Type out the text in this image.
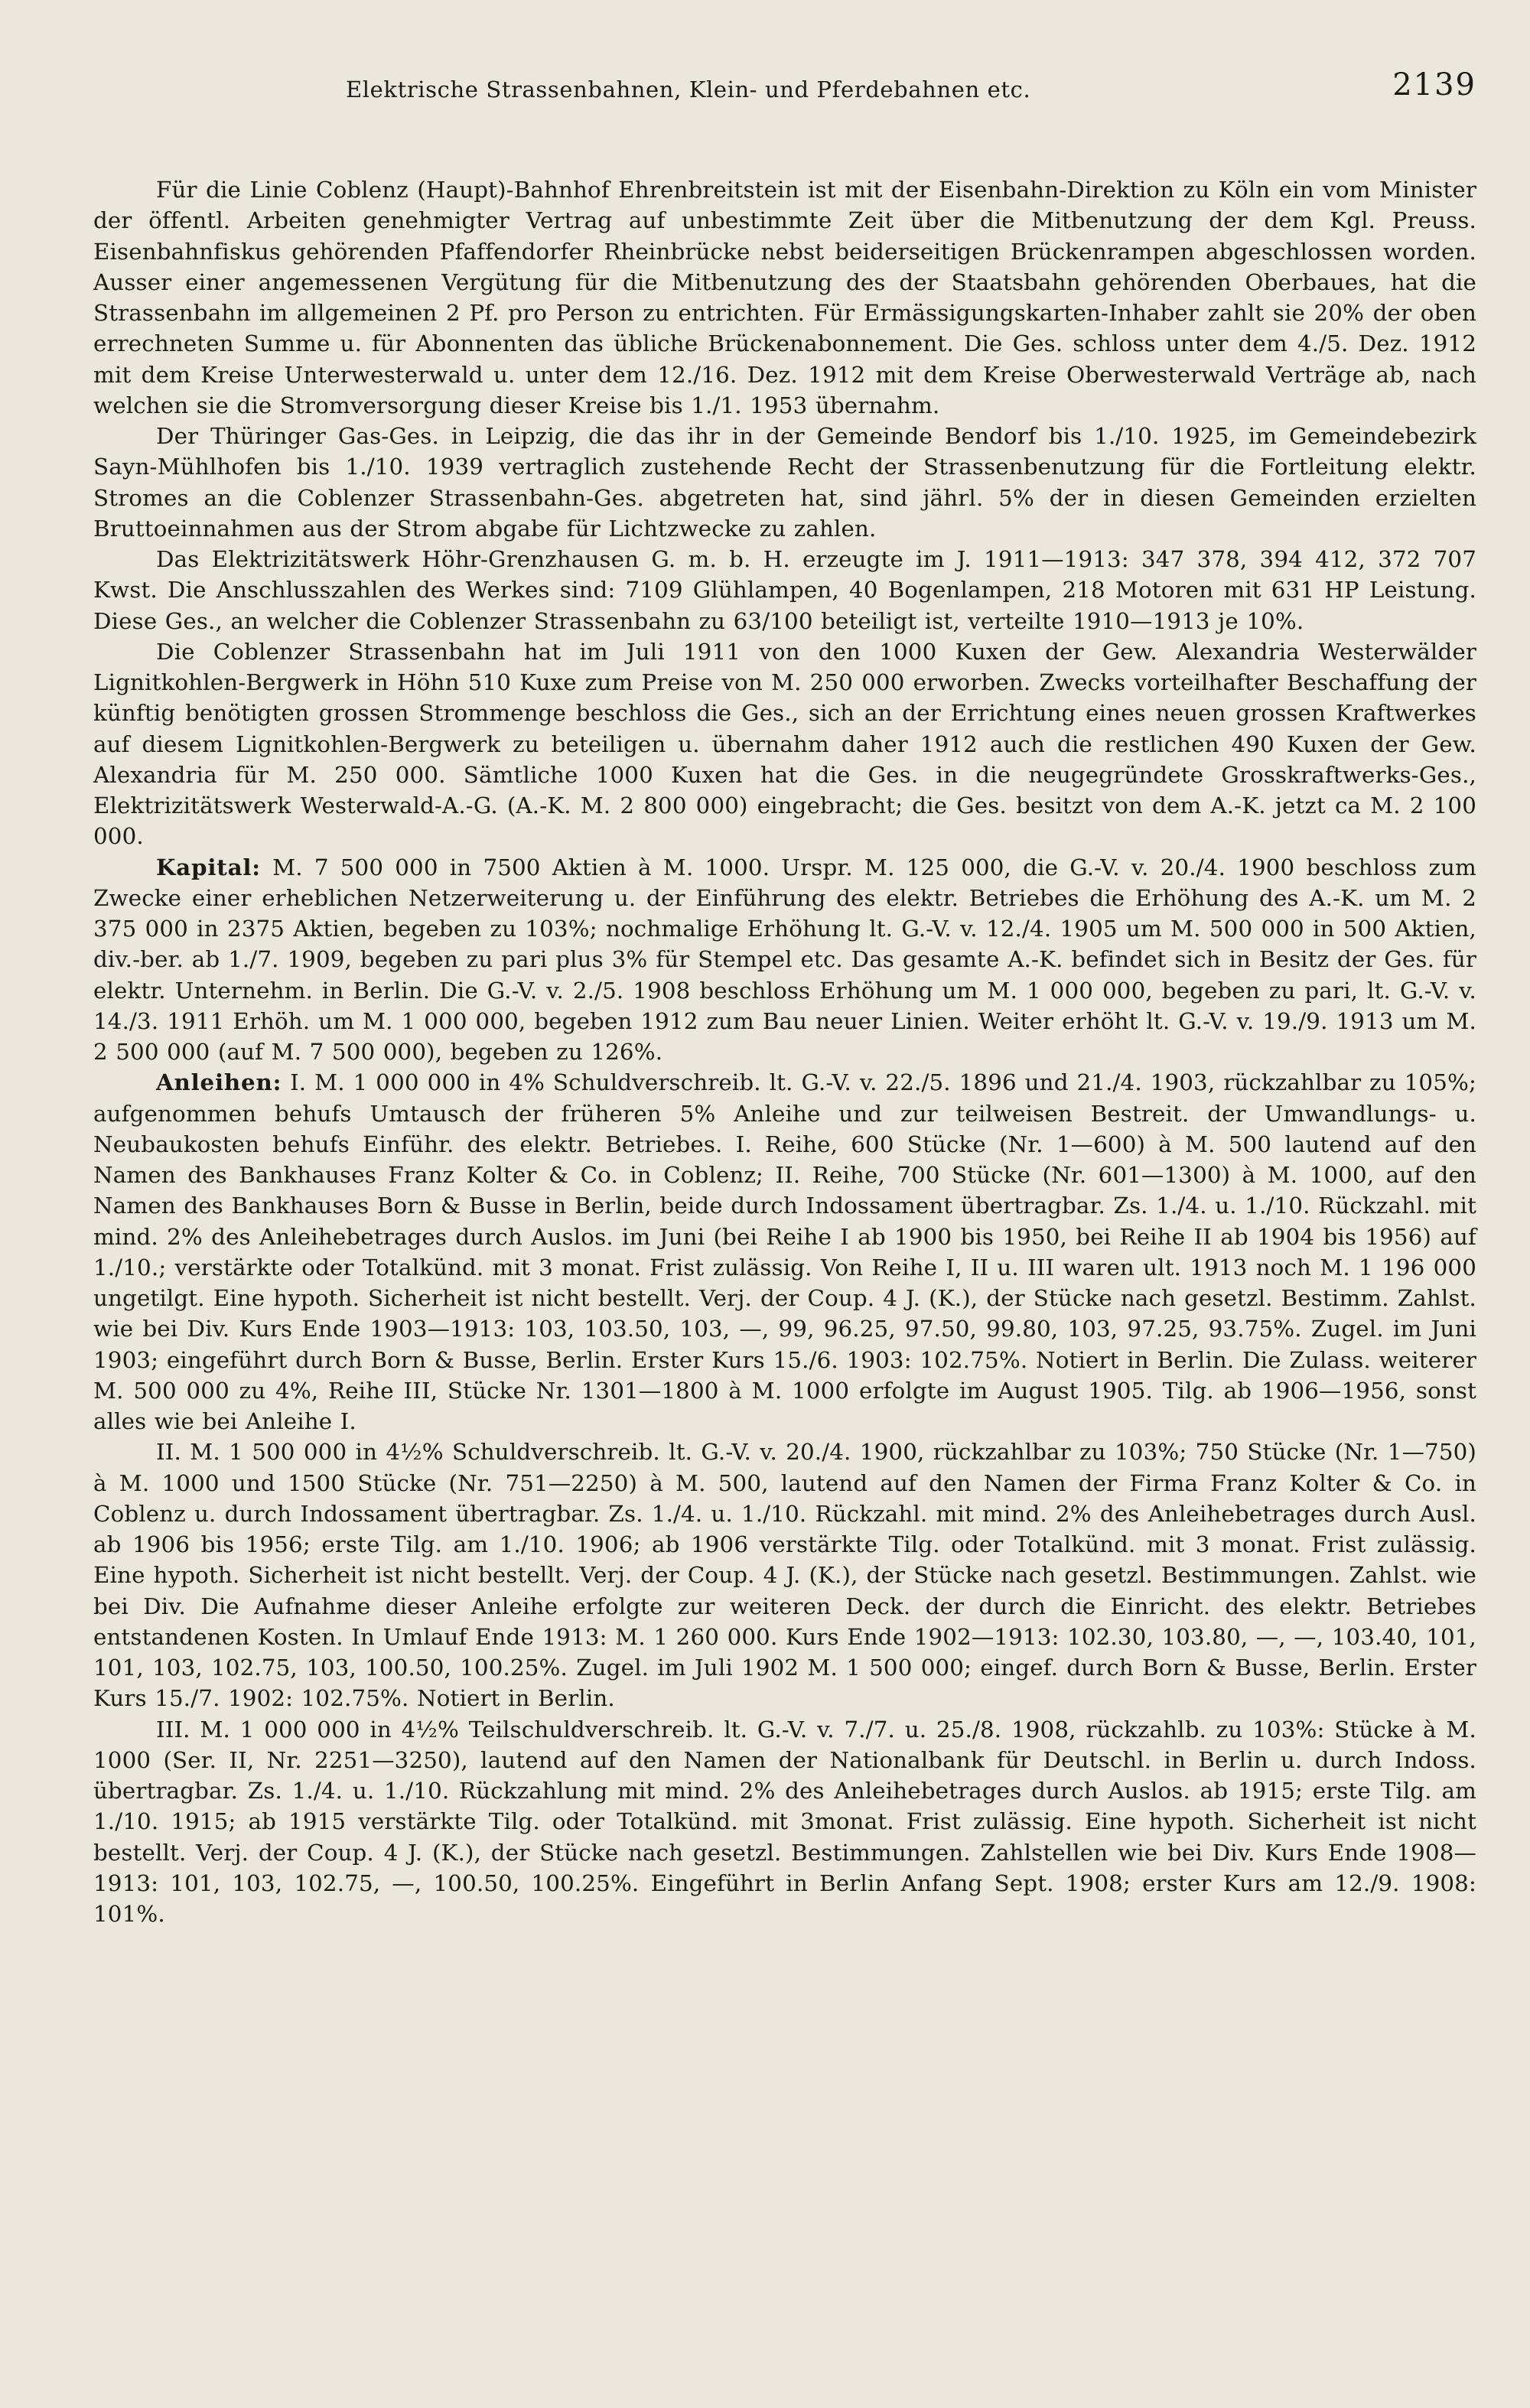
Elektrische Strassenbahnen, Klein- und Pferdebahnen etc.	2139

Für die Linie Coblenz (Haupt)-Bahnhof Ehrenbreitstein ist mit der Eisenbahn-Direktion zu Köln ein vom Minister der öffentl. Arbeiten genehmigter Vertrag auf unbestimmte Zeit über die Mitbenutzung der dem Kgl. Preuss. Eisenbahnfiskus gehörenden Pfaffendorfer Rheinbrücke nebst beiderseitigen Brückenrampen abgeschlossen worden. Ausser einer angemessenen Vergütung für die Mitbenutzung des der Staatsbahn gehörenden Oberbaues, hat die Strassenbahn im allgemeinen 2 Pf. pro Person zu entrichten. Für Ermässigungskarten-Inhaber zahlt sie 20% der oben errechneten Summe u. für Abonnenten das übliche Brückenabonnement. Die Ges. schloss unter dem 4./5. Dez. 1912 mit dem Kreise Unterwesterwald u. unter dem 12./16. Dez. 1912 mit dem Kreise Oberwesterwald Verträge ab, nach welchen sie die Stromversorgung dieser Kreise bis 1./1. 1953 übernahm.

Der Thüringer Gas-Ges. in Leipzig, die das ihr in der Gemeinde Bendorf bis 1./10. 1925, im Gemeindebezirk Sayn-Mühlhofen bis 1./10. 1939 vertraglich zustehende Recht der Strassenbenutzung für die Fortleitung elektr. Stromes an die Coblenzer Strassenbahn-Ges. abgetreten hat, sind jährl. 5% der in diesen Gemeinden erzielten Bruttoeinnahmen aus der Strom abgabe für Lichtzwecke zu zahlen.

Das Elektrizitätswerk Höhr-Grenzhausen G. m. b. H. erzeugte im J. 1911—1913: 347 378, 394 412, 372 707 Kwst. Die Anschlusszahlen des Werkes sind: 7109 Glühlampen, 40 Bogenlampen, 218 Motoren mit 631 HP Leistung. Diese Ges., an welcher die Coblenzer Strassenbahn zu 63/100 beteiligt ist, verteilte 1910—1913 je 10%.

Die Coblenzer Strassenbahn hat im Juli 1911 von den 1000 Kuxen der Gew. Alexandria Westerwälder Lignitkohlen-Bergwerk in Höhn 510 Kuxe zum Preise von M. 250 000 erworben. Zwecks vorteilhafter Beschaffung der künftig benötigten grossen Strommenge beschloss die Ges., sich an der Errichtung eines neuen grossen Kraftwerkes auf diesem Lignitkohlen-Bergwerk zu beteiligen u. übernahm daher 1912 auch die restlichen 490 Kuxen der Gew. Alexandria für M. 250 000. Sämtliche 1000 Kuxen hat die Ges. in die neugegründete Grosskraftwerks-Ges., Elektrizitätswerk Westerwald-A.-G. (A.-K. M. 2 800 000) eingebracht; die Ges. besitzt von dem A.-K. jetzt ca M. 2 100 000.

Kapital: M. 7 500 000 in 7500 Aktien à M. 1000. Urspr. M. 125 000, die G.-V. v. 20./4. 1900 beschloss zum Zwecke einer erheblichen Netzerweiterung u. der Einführung des elektr. Betriebes die Erhöhung des A.-K. um M. 2 375 000 in 2375 Aktien, begeben zu 103%; nochmalige Erhöhung lt. G.-V. v. 12./4. 1905 um M. 500 000 in 500 Aktien, div.-ber. ab 1./7. 1909, begeben zu pari plus 3% für Stempel etc. Das gesamte A.-K. befindet sich in Besitz der Ges. für elektr. Unternehm. in Berlin. Die G.-V. v. 2./5. 1908 beschloss Erhöhung um M. 1 000 000, begeben zu pari, lt. G.-V. v. 14./3. 1911 Erhöh. um M. 1 000 000, begeben 1912 zum Bau neuer Linien. Weiter erhöht lt. G.-V. v. 19./9. 1913 um M. 2 500 000 (auf M. 7 500 000), begeben zu 126%.

Anleihen: I. M. 1 000 000 in 4% Schuldverschreib. lt. G.-V. v. 22./5. 1896 und 21./4. 1903, rückzahlbar zu 105%; aufgenommen behufs Umtausch der früheren 5% Anleihe und zur teilweisen Bestreit. der Umwandlungs- u. Neubaukosten behufs Einführ. des elektr. Betriebes. I. Reihe, 600 Stücke (Nr. 1—600) à M. 500 lautend auf den Namen des Bankhauses Franz Kolter & Co. in Coblenz; II. Reihe, 700 Stücke (Nr. 601—1300) à M. 1000, auf den Namen des Bankhauses Born & Busse in Berlin, beide durch Indossament übertragbar. Zs. 1./4. u. 1./10. Rückzahl. mit mind. 2% des Anleihebetrages durch Auslos. im Juni (bei Reihe I ab 1900 bis 1950, bei Reihe II ab 1904 bis 1956) auf 1./10.; verstärkte oder Totalkünd. mit 3 monat. Frist zulässig. Von Reihe I, II u. III waren ult. 1913 noch M. 1 196 000 ungetilgt. Eine hypoth. Sicherheit ist nicht bestellt. Verj. der Coup. 4 J. (K.), der Stücke nach gesetzl. Bestimm. Zahlst. wie bei Div. Kurs Ende 1903—1913: 103, 103.50, 103, —, 99, 96.25, 97.50, 99.80, 103, 97.25, 93.75%. Zugel. im Juni 1903; eingeführt durch Born & Busse, Berlin. Erster Kurs 15./6. 1903: 102.75%. Notiert in Berlin. Die Zulass. weiterer M. 500 000 zu 4%, Reihe III, Stücke Nr. 1301—1800 à M. 1000 erfolgte im August 1905. Tilg. ab 1906—1956, sonst alles wie bei Anleihe I.

II. M. 1 500 000 in 4½% Schuldverschreib. lt. G.-V. v. 20./4. 1900, rückzahlbar zu 103%; 750 Stücke (Nr. 1—750) à M. 1000 und 1500 Stücke (Nr. 751—2250) à M. 500, lautend auf den Namen der Firma Franz Kolter & Co. in Coblenz u. durch Indossament übertragbar. Zs. 1./4. u. 1./10. Rückzahl. mit mind. 2% des Anleihebetrages durch Ausl. ab 1906 bis 1956; erste Tilg. am 1./10. 1906; ab 1906 verstärkte Tilg. oder Totalkünd. mit 3 monat. Frist zulässig. Eine hypoth. Sicherheit ist nicht bestellt. Verj. der Coup. 4 J. (K.), der Stücke nach gesetzl. Bestimmungen. Zahlst. wie bei Div. Die Aufnahme dieser Anleihe erfolgte zur weiteren Deck. der durch die Einricht. des elektr. Betriebes entstandenen Kosten. In Umlauf Ende 1913: M. 1 260 000. Kurs Ende 1902—1913: 102.30, 103.80, —, —, 103.40, 101, 101, 103, 102.75, 103, 100.50, 100.25%. Zugel. im Juli 1902 M. 1 500 000; eingef. durch Born & Busse, Berlin. Erster Kurs 15./7. 1902: 102.75%. Notiert in Berlin.

III. M. 1 000 000 in 4½% Teilschuldverschreib. lt. G.-V. v. 7./7. u. 25./8. 1908, rückzahlb. zu 103%: Stücke à M. 1000 (Ser. II, Nr. 2251—3250), lautend auf den Namen der Nationalbank für Deutschl. in Berlin u. durch Indoss. übertragbar. Zs. 1./4. u. 1./10. Rückzahlung mit mind. 2% des Anleihebetrages durch Auslos. ab 1915; erste Tilg. am 1./10. 1915; ab 1915 verstärkte Tilg. oder Totalkünd. mit 3monat. Frist zulässig. Eine hypoth. Sicherheit ist nicht bestellt. Verj. der Coup. 4 J. (K.), der Stücke nach gesetzl. Bestimmungen. Zahlstellen wie bei Div. Kurs Ende 1908—1913: 101, 103, 102.75, —, 100.50, 100.25%. Eingeführt in Berlin Anfang Sept. 1908; erster Kurs am 12./9. 1908: 101%.
